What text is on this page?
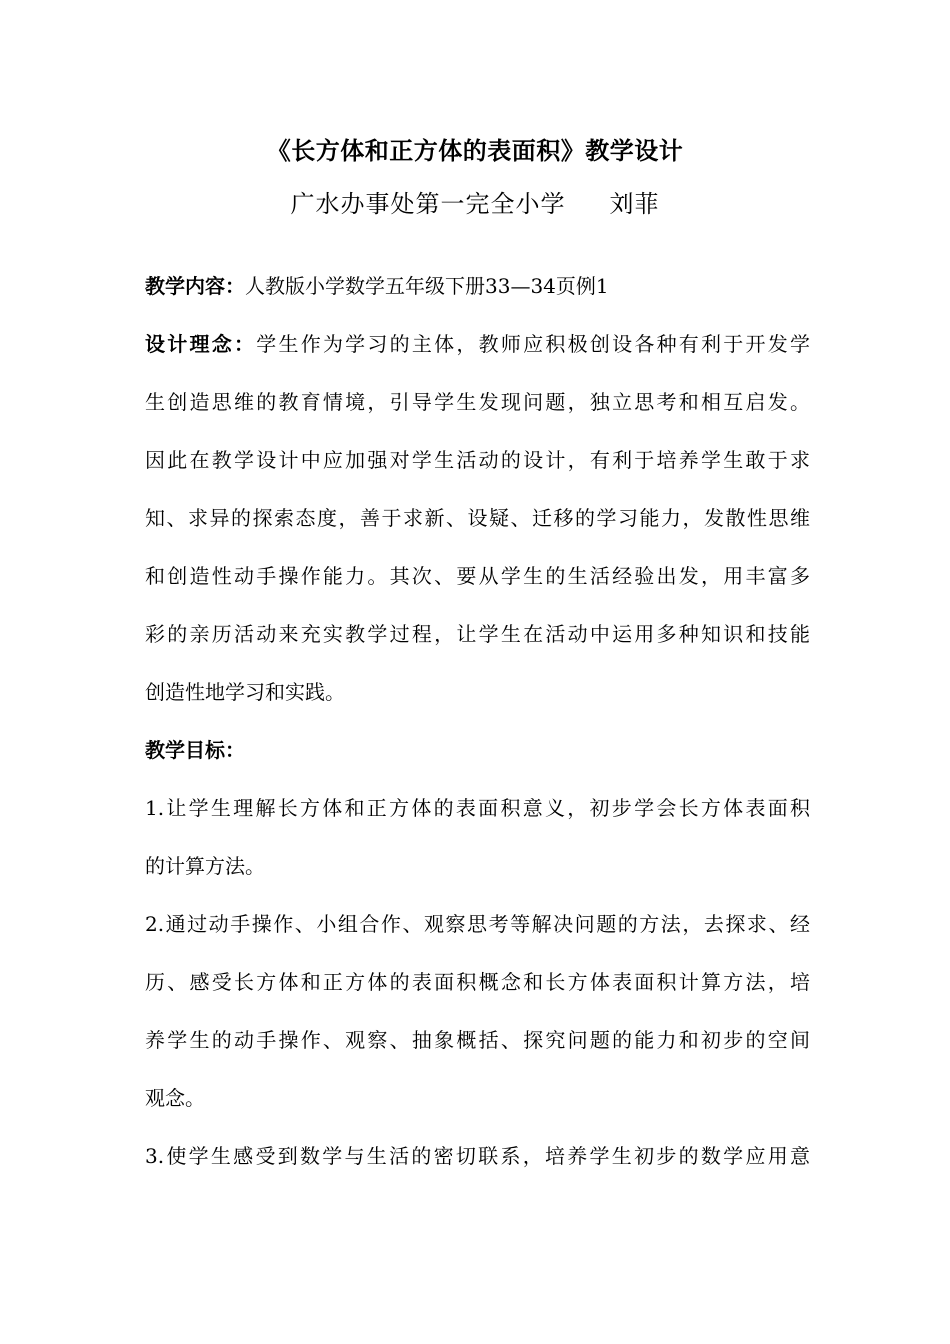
《长方体和正方体的表面积》教学设计
广水办事处第一完全小学 刘菲
教学内容：人教版小学数学五年级下册33—34页例1
设计理念：学生作为学习的主体，教师应积极创设各种有利于开发学
生创造思维的教育情境，引导学生发现问题，独立思考和相互启发。
因此在教学设计中应加强对学生活动的设计，有利于培养学生敢于求
知、求异的探索态度，善于求新、设疑、迁移的学习能力，发散性思维
和创造性动手操作能力。其次、要从学生的生活经验出发，用丰富多
彩的亲历活动来充实教学过程，让学生在活动中运用多种知识和技能
创造性地学习和实践。
教学目标：
1.让学生理解长方体和正方体的表面积意义，初步学会长方体表面积
的计算方法。
2.通过动手操作、小组合作、观察思考等解决问题的方法，去探求、经
历、感受长方体和正方体的表面积概念和长方体表面积计算方法，培
养学生的动手操作、观察、抽象概括、探究问题的能力和初步的空间
观念。
3.使学生感受到数学与生活的密切联系，培养学生初步的数学应用意
